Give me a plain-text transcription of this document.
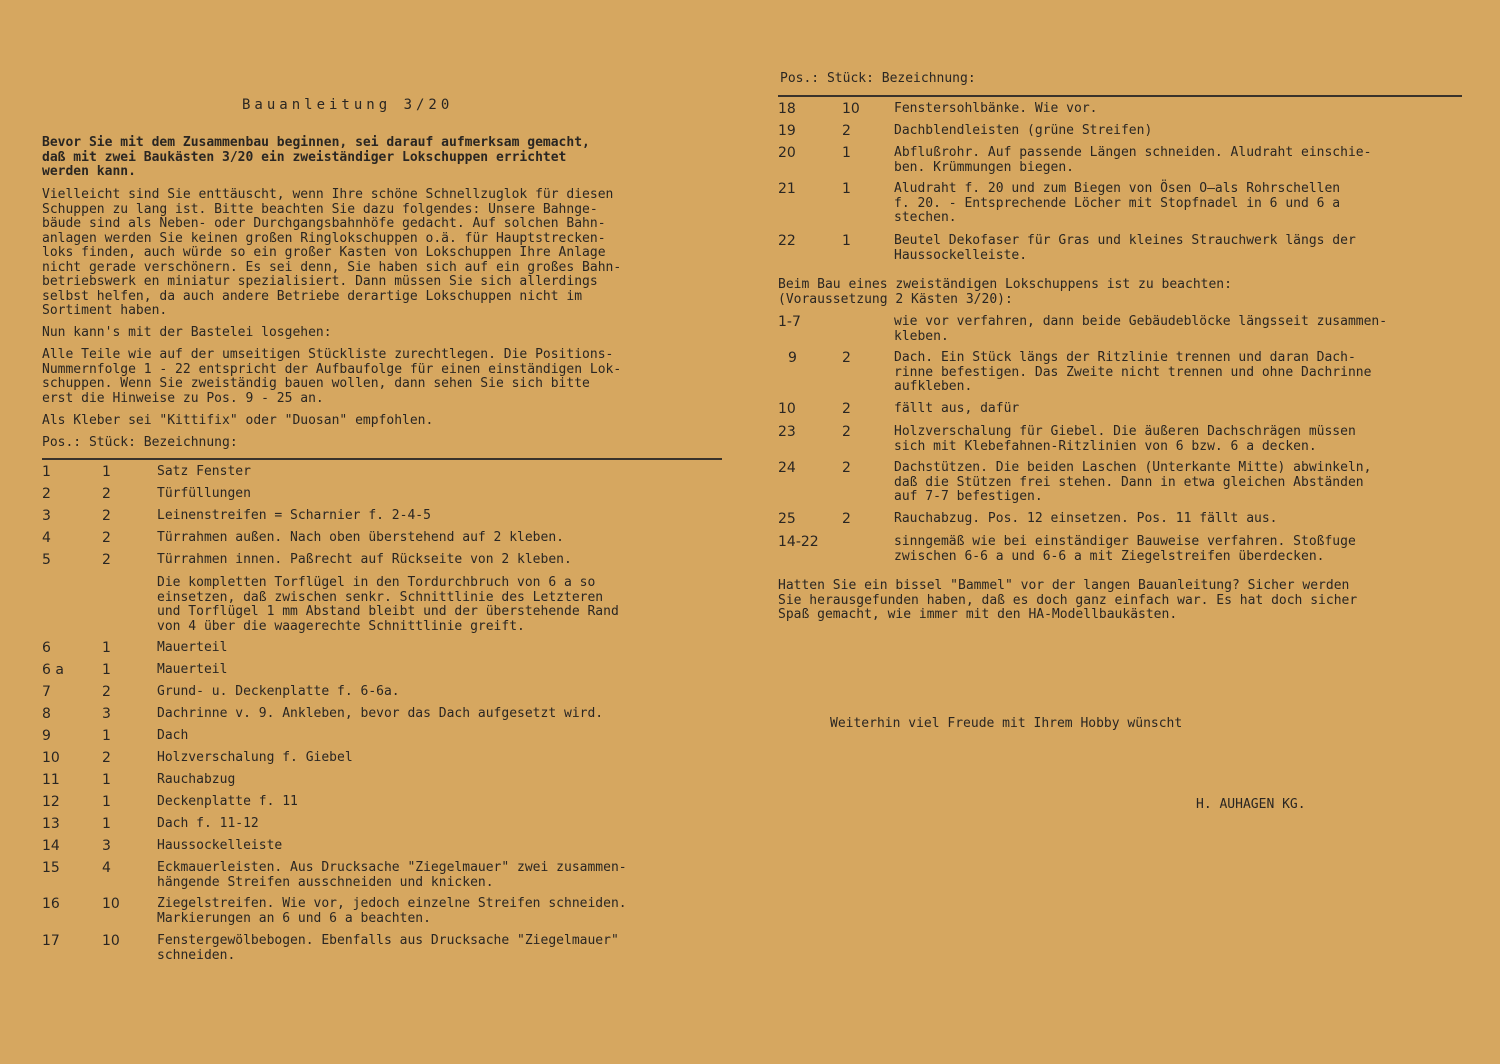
Bauanleitung 3/20
Bevor Sie mit dem Zusammenbau beginnen, sei darauf aufmerksam gemacht,
daß mit zwei Baukästen 3/20 ein zweiständiger Lokschuppen errichtet
werden kann.
Vielleicht sind Sie enttäuscht, wenn Ihre schöne Schnellzuglok für diesen
Schuppen zu lang ist. Bitte beachten Sie dazu folgendes: Unsere Bahnge-
bäude sind als Neben- oder Durchgangsbahnhöfe gedacht. Auf solchen Bahn-
anlagen werden Sie keinen großen Ringlokschuppen o.ä. für Hauptstrecken-
loks finden, auch würde so ein großer Kasten von Lokschuppen Ihre Anlage
nicht gerade verschönern. Es sei denn, Sie haben sich auf ein großes Bahn-
betriebswerk en miniatur spezialisiert. Dann müssen Sie sich allerdings
selbst helfen, da auch andere Betriebe derartige Lokschuppen nicht im
Sortiment haben.
Nun kann's mit der Bastelei losgehen:
Alle Teile wie auf der umseitigen Stückliste zurechtlegen. Die Positions-
Nummernfolge 1 - 22 entspricht der Aufbaufolge für einen einständigen Lok-
schuppen. Wenn Sie zweiständig bauen wollen, dann sehen Sie sich bitte
erst die Hinweise zu Pos. 9 - 25 an.
Als Kleber sei "Kittifix" oder "Duosan" empfohlen.
Pos.: Stück: Bezeichnung:
1	1	Satz Fenster
2	2	Türfüllungen
3	2	Leinenstreifen = Scharnier f. 2-4-5
4	2	Türrahmen außen. Nach oben überstehend auf 2 kleben.
5	2	Türrahmen innen. Paßrecht auf Rückseite von 2 kleben.
Die kompletten Torflügel in den Tordurchbruch von 6 a so
einsetzen, daß zwischen senkr. Schnittlinie des Letzteren
und Torflügel 1 mm Abstand bleibt und der überstehende Rand
von 4 über die waagerechte Schnittlinie greift.
6	1	Mauerteil
6 a	1	Mauerteil
7	2	Grund- u. Deckenplatte f. 6-6a.
8	3	Dachrinne v. 9. Ankleben, bevor das Dach aufgesetzt wird.
9	1	Dach
10	2	Holzverschalung f. Giebel
11	1	Rauchabzug
12	1	Deckenplatte f. 11
13	1	Dach f. 11-12
14	3	Haussockelleiste
15	4	Eckmauerleisten. Aus Drucksache "Ziegelmauer" zwei zusammen-
hängende Streifen ausschneiden und knicken.
16	10	Ziegelstreifen. Wie vor, jedoch einzelne Streifen schneiden.
Markierungen an 6 und 6 a beachten.
17	10	Fenstergewölbebogen. Ebenfalls aus Drucksache "Ziegelmauer"
schneiden.
Pos.: Stück: Bezeichnung:
18	10	Fenstersohlbänke. Wie vor.
19	2	Dachblendleisten (grüne Streifen)
20	1	Abflußrohr. Auf passende Längen schneiden. Aludraht einschie-
ben. Krümmungen biegen.
21	1	Aludraht f. 20 und zum Biegen von Ösen O—als Rohrschellen
f. 20. - Entsprechende Löcher mit Stopfnadel in 6 und 6 a
stechen.
22	1	Beutel Dekofaser für Gras und kleines Strauchwerk längs der
Haussockelleiste.
Beim Bau eines zweiständigen Lokschuppens ist zu beachten:
(Voraussetzung 2 Kästen 3/20):
1-7	wie vor verfahren, dann beide Gebäudeblöcke längsseit zusammen-
kleben.
9	2	Dach. Ein Stück längs der Ritzlinie trennen und daran Dach-
rinne befestigen. Das Zweite nicht trennen und ohne Dachrinne
aufkleben.
10	2	fällt aus, dafür
23	2	Holzverschalung für Giebel. Die äußeren Dachschrägen müssen
sich mit Klebefahnen-Ritzlinien von 6 bzw. 6 a decken.
24	2	Dachstützen. Die beiden Laschen (Unterkante Mitte) abwinkeln,
daß die Stützen frei stehen. Dann in etwa gleichen Abständen
auf 7-7 befestigen.
25	2	Rauchabzug. Pos. 12 einsetzen. Pos. 11 fällt aus.
14-22	sinngemäß wie bei einständiger Bauweise verfahren. Stoßfuge
zwischen 6-6 a und 6-6 a mit Ziegelstreifen überdecken.
Hatten Sie ein bissel "Bammel" vor der langen Bauanleitung? Sicher werden
Sie herausgefunden haben, daß es doch ganz einfach war. Es hat doch sicher
Spaß gemacht, wie immer mit den HA-Modellbaukästen.
Weiterhin viel Freude mit Ihrem Hobby wünscht
H. AUHAGEN KG.
